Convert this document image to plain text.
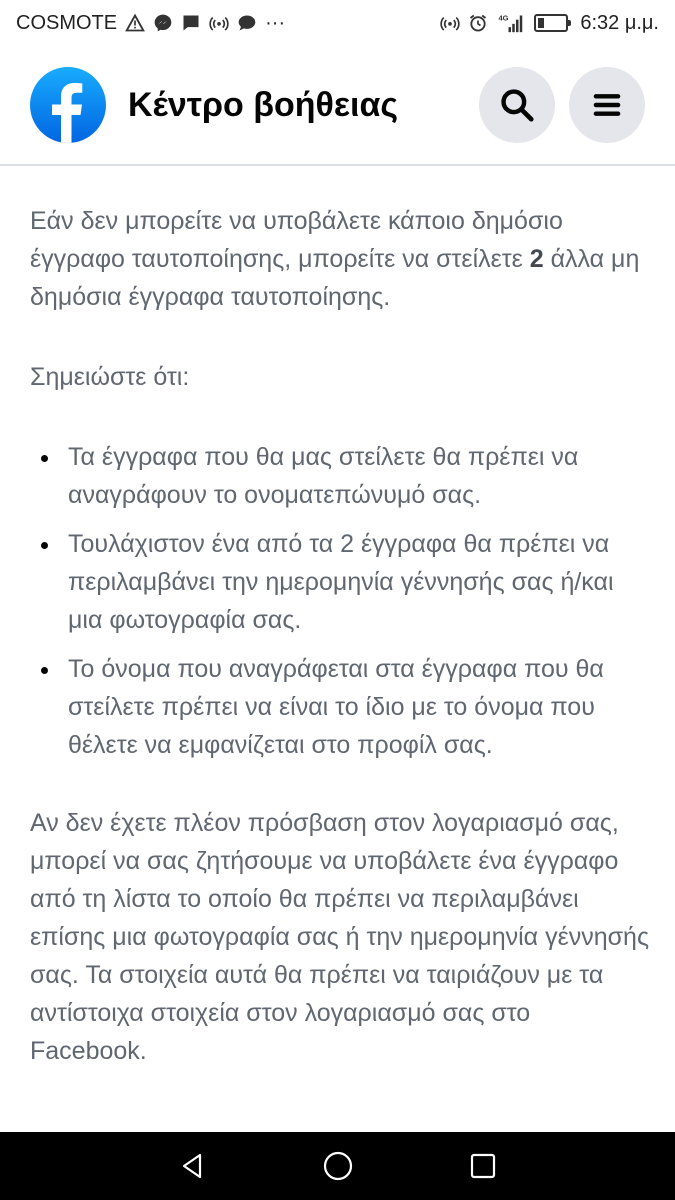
COSMOTE	···	4G	6:32 μ.μ.
Κέντρο βοήθειας

Εάν δεν μπορείτε να υποβάλετε κάποιο δημόσιο έγγραφο ταυτοποίησης, μπορείτε να στείλετε 2 άλλα μη δημόσια έγγραφα ταυτοποίησης.

Σημειώστε ότι:

Τα έγγραφα που θα μας στείλετε θα πρέπει να αναγράφουν το ονοματεπώνυμό σας.
Τουλάχιστον ένα από τα 2 έγγραφα θα πρέπει να περιλαμβάνει την ημερομηνία γέννησής σας ή/και μια φωτογραφία σας.
Το όνομα που αναγράφεται στα έγγραφα που θα στείλετε πρέπει να είναι το ίδιο με το όνομα που θέλετε να εμφανίζεται στο προφίλ σας.

Αν δεν έχετε πλέον πρόσβαση στον λογαριασμό σας, μπορεί να σας ζητήσουμε να υποβάλετε ένα έγγραφο από τη λίστα το οποίο θα πρέπει να περιλαμβάνει επίσης μια φωτογραφία σας ή την ημερομηνία γέννησής σας. Τα στοιχεία αυτά θα πρέπει να ταιριάζουν με τα αντίστοιχα στοιχεία στον λογαριασμό σας στο Facebook.
